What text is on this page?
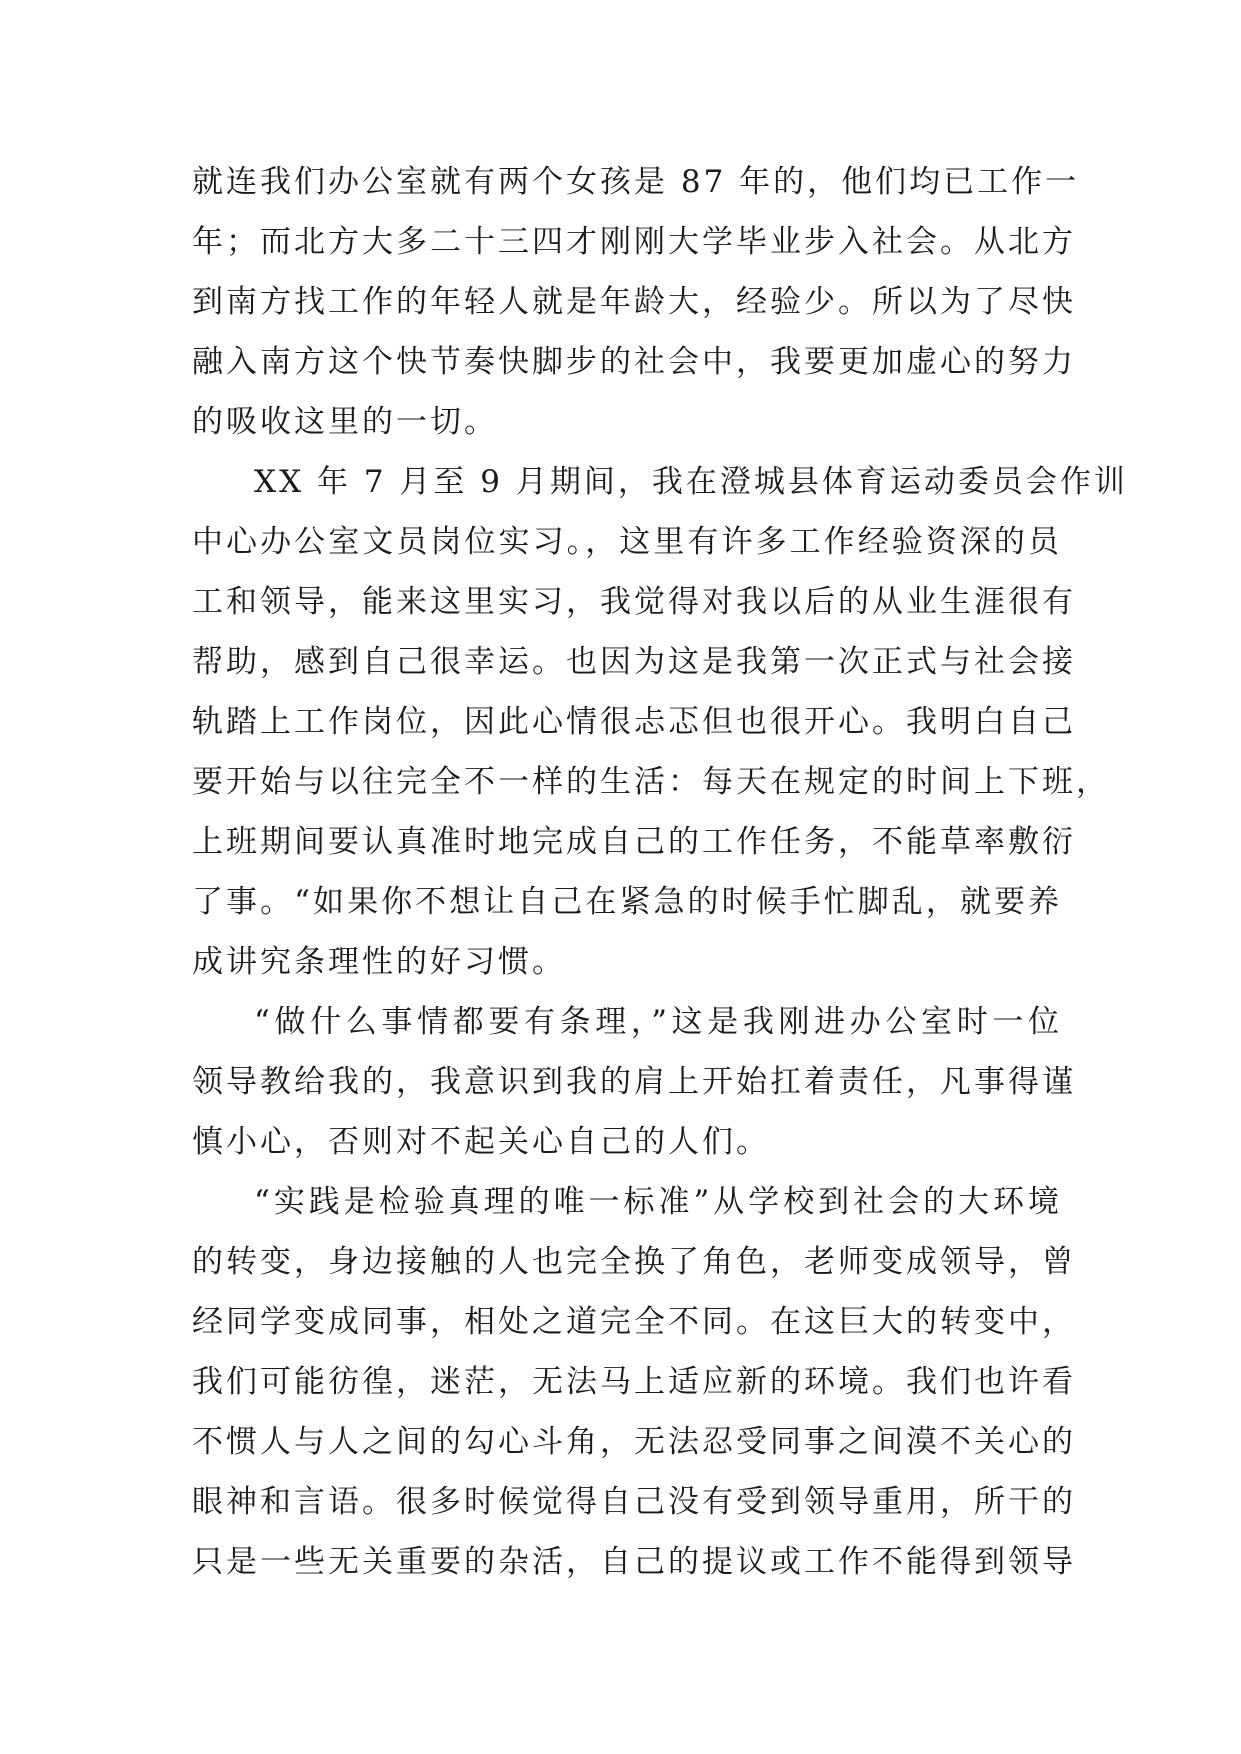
就连我们办公室就有两个女孩是 87 年的，他们均已工作一
年；而北方大多二十三四才刚刚大学毕业步入社会。从北方
到南方找工作的年轻人就是年龄大，经验少。所以为了尽快
融入南方这个快节奏快脚步的社会中，我要更加虚心的努力
的吸收这里的一切。
XX 年 7 月至 9 月期间，我在澄城县体育运动委员会作训
中心办公室文员岗位实习。，这里有许多工作经验资深的员
工和领导，能来这里实习，我觉得对我以后的从业生涯很有
帮助，感到自己很幸运。也因为这是我第一次正式与社会接
轨踏上工作岗位，因此心情很忐忑但也很开心。我明白自己
要开始与以往完全不一样的生活：每天在规定的时间上下班，
上班期间要认真准时地完成自己的工作任务，不能草率敷衍
了事。“如果你不想让自己在紧急的时候手忙脚乱，就要养
成讲究条理性的好习惯。
“做什么事情都要有条理，”这是我刚进办公室时一位
领导教给我的，我意识到我的肩上开始扛着责任，凡事得谨
慎小心，否则对不起关心自己的人们。
“实践是检验真理的唯一标准”从学校到社会的大环境
的转变，身边接触的人也完全换了角色，老师变成领导，曾
经同学变成同事，相处之道完全不同。在这巨大的转变中，
我们可能彷徨，迷茫，无法马上适应新的环境。我们也许看
不惯人与人之间的勾心斗角，无法忍受同事之间漠不关心的
眼神和言语。很多时候觉得自己没有受到领导重用，所干的
只是一些无关重要的杂活，自己的提议或工作不能得到领导
